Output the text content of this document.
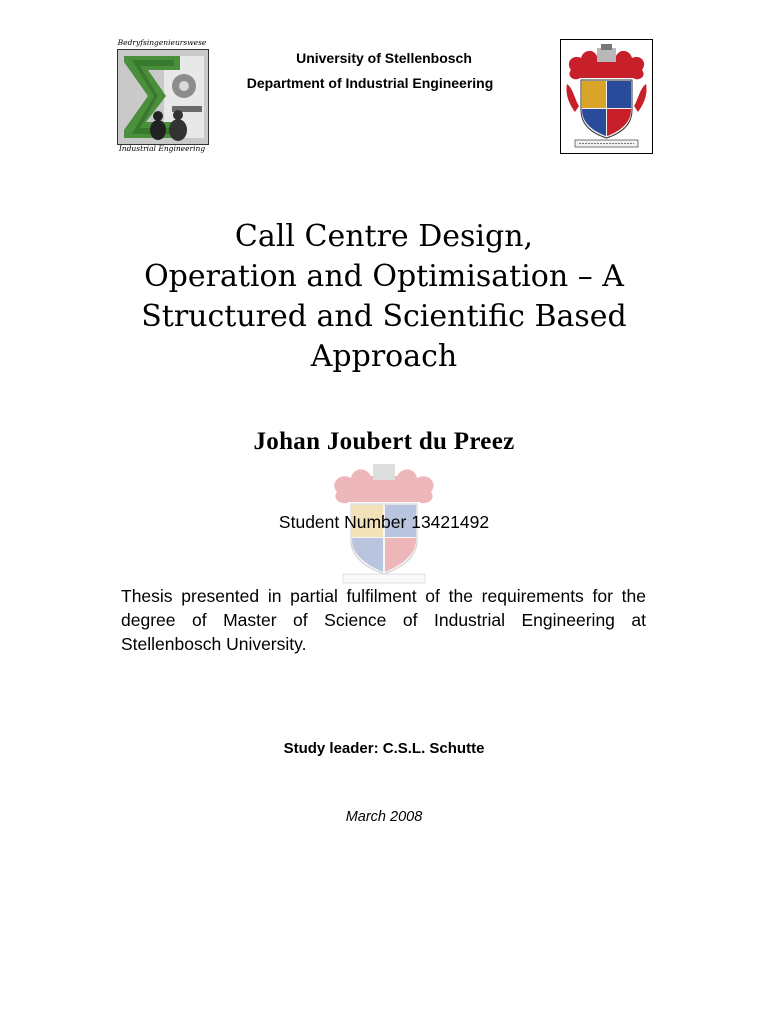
Bedryfsingenieurswese
Industrial Engineering
University of Stellenbosch
Department of Industrial Engineering
Call Centre Design,
Operation and Optimisation – A
Structured and Scientific Based
Approach
Johan Joubert du Preez
Student Number 13421492
Thesis presented in partial fulfilment of the requirements for the degree of Master of Science of Industrial Engineering at Stellenbosch University.
Study leader: C.S.L. Schutte
March 2008
